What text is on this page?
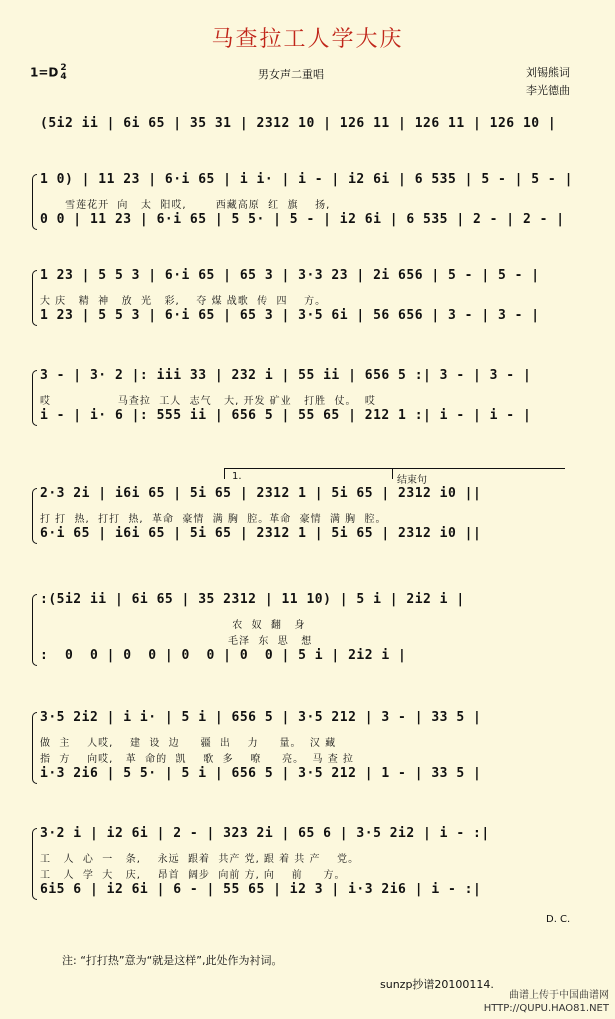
马查拉工人学大庆
1=D 2
4	男女声二重唱	刘锡熊词
李光德曲
(5i2 ii | 6i 65 | 35 31 | 2312 10 | 126 11 | 126 11 | 126 10 |
1 0) | 11 23 | 6·i 65 | i i· | i - | i2 6i | 6 535 | 5 - | 5 - |
雪莲花开  向   太  阳哎,       西藏高原  红  旗    扬,
0 0 | 11 23 | 6·i 65 | 5 5· | 5 - | i2 6i | 6 535 | 2 - | 2 - |
1 23 | 5 5 3 | 6·i 65 | 65 3 | 3·3 23 | 2i 656 | 5 - | 5 - |
大 庆   精  神   放  光   彩,    夺 煤 战歌  传  四    方。
1 23 | 5 5 3 | 6·i 65 | 65 3 | 3·5 6i | 56 656 | 3 - | 3 - |
3 - | 3· 2 |: iii 33 | 232 i | 55 ii | 656 5 :| 3 - | 3 - |
哎                马查拉  工人  志气   大, 开发 矿业   打胜  仗。  哎
i - | i· 6 |: 555 ii | 656 5 | 55 65 | 212 1 :| i - | i - |
2·3 2i | i6i 65 | 5i 65 | 2312 1 | 5i 65 | 2312 i0 ||
打 打  热,  打打  热,  革命  豪情  满 胸  腔。革命  豪情  满 胸  腔。
6·i 65 | i6i 65 | 5i 65 | 2312 1 | 5i 65 | 2312 i0 ||
:(5i2 ii | 6i 65 | 35 2312 | 11 10) | 5 i | 2i2 i |
农  奴  翻   身
毛泽  东  思   想
:  0  0 | 0  0 | 0  0 | 0  0 | 5 i | 2i2 i |
3·5 2i2 | i i· | 5 i | 656 5 | 3·5 212 | 3 - | 33 5 |
做  主    人哎,    建  设  边     疆  出    力     量。  汉 藏
指  方    向哎,   革  命的  凯    歌  多    嘹     亮。  马 查 拉
i·3 2i6 | 5 5· | 5 i | 656 5 | 3·5 212 | 1 - | 33 5 |
3·2 i | i2 6i | 2 - | 323 2i | 65 6 | 3·5 2i2 | i - :|
工   人  心  一   条,    永远  跟着  共产 党, 跟 着 共 产    党。
工   人  学  大   庆,    昂首  阔步  向前 方, 向    前     方。
6i5 6 | i2 6i | 6 - | 55 65 | i2 3 | i·3 2i6 | i - :|
1.	结束句
D. C.
注: “打打热”意为“就是这样”,此处作为衬词。
sunzp抄谱20100114.
曲谱上传于中国曲谱网
HTTP://QUPU.HAO81.NET
